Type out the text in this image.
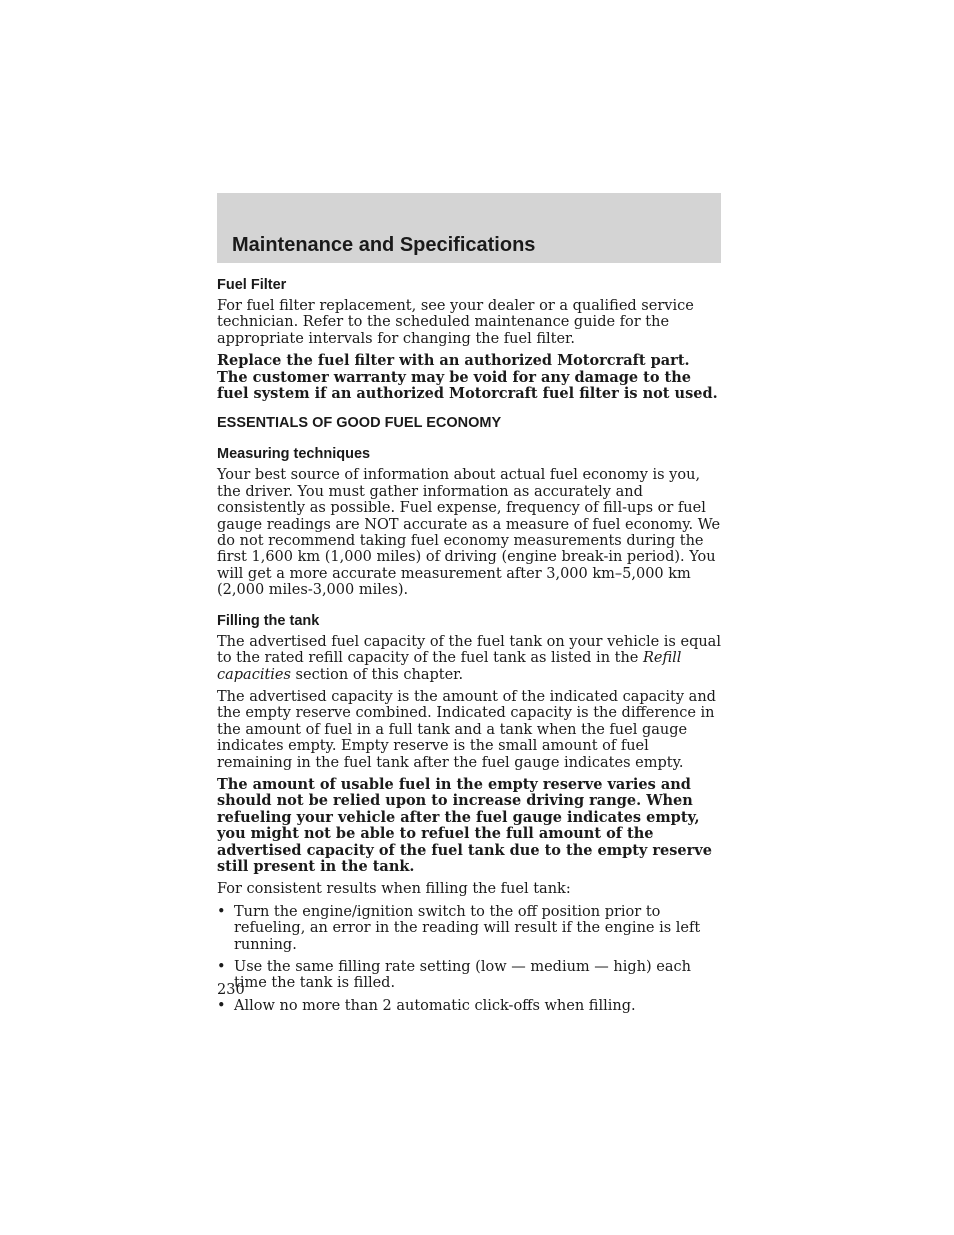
Maintenance and Specifications
Fuel Filter

For fuel filter replacement, see your dealer or a qualified service technician. Refer to the scheduled maintenance guide for the appropriate intervals for changing the fuel filter.

Replace the fuel filter with an authorized Motorcraft part. The customer warranty may be void for any damage to the fuel system if an authorized Motorcraft fuel filter is not used.

ESSENTIALS OF GOOD FUEL ECONOMY
Measuring techniques

Your best source of information about actual fuel economy is you, the driver. You must gather information as accurately and consistently as possible. Fuel expense, frequency of fill-ups or fuel gauge readings are NOT accurate as a measure of fuel economy. We do not recommend taking fuel economy measurements during the first 1,600 km (1,000 miles) of driving (engine break-in period). You will get a more accurate measurement after 3,000 km–5,000 km (2,000 miles-3,000 miles).

Filling the tank

The advertised fuel capacity of the fuel tank on your vehicle is equal to the rated refill capacity of the fuel tank as listed in the Refill capacities section of this chapter.

The advertised capacity is the amount of the indicated capacity and the empty reserve combined. Indicated capacity is the difference in the amount of fuel in a full tank and a tank when the fuel gauge indicates empty. Empty reserve is the small amount of fuel remaining in the fuel tank after the fuel gauge indicates empty.

The amount of usable fuel in the empty reserve varies and should not be relied upon to increase driving range. When refueling your vehicle after the fuel gauge indicates empty, you might not be able to refuel the full amount of the advertised capacity of the fuel tank due to the empty reserve still present in the tank.

For consistent results when filling the fuel tank:

• Turn the engine/ignition switch to the off position prior to refueling, an error in the reading will result if the engine is left running.
• Use the same filling rate setting (low — medium — high) each time the tank is filled.
• Allow no more than 2 automatic click-offs when filling.
230
